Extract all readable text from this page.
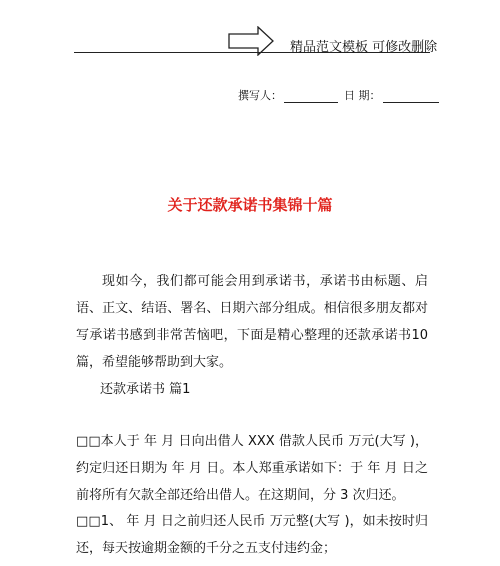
精品范文模板 可修改删除
撰写人：	日 期：
关于还款承诺书集锦十篇
现如今，我们都可能会用到承诺书，承诺书由标题、启语、正文、结语、署名、日期六部分组成。相信很多朋友都对写承诺书感到非常苦恼吧，下面是精心整理的还款承诺书10篇，希望能够帮助到大家。
还款承诺书 篇1
□□本人于 年 月 日向出借人 XXX 借款人民币 万元(大写 )，约定归还日期为 年 月 日。本人郑重承诺如下：于 年 月 日之前将所有欠款全部还给出借人。在这期间，分 3 次归还。
□□1、 年 月 日之前归还人民币 万元整(大写 )，如未按时归还，每天按逾期金额的千分之五支付违约金；
